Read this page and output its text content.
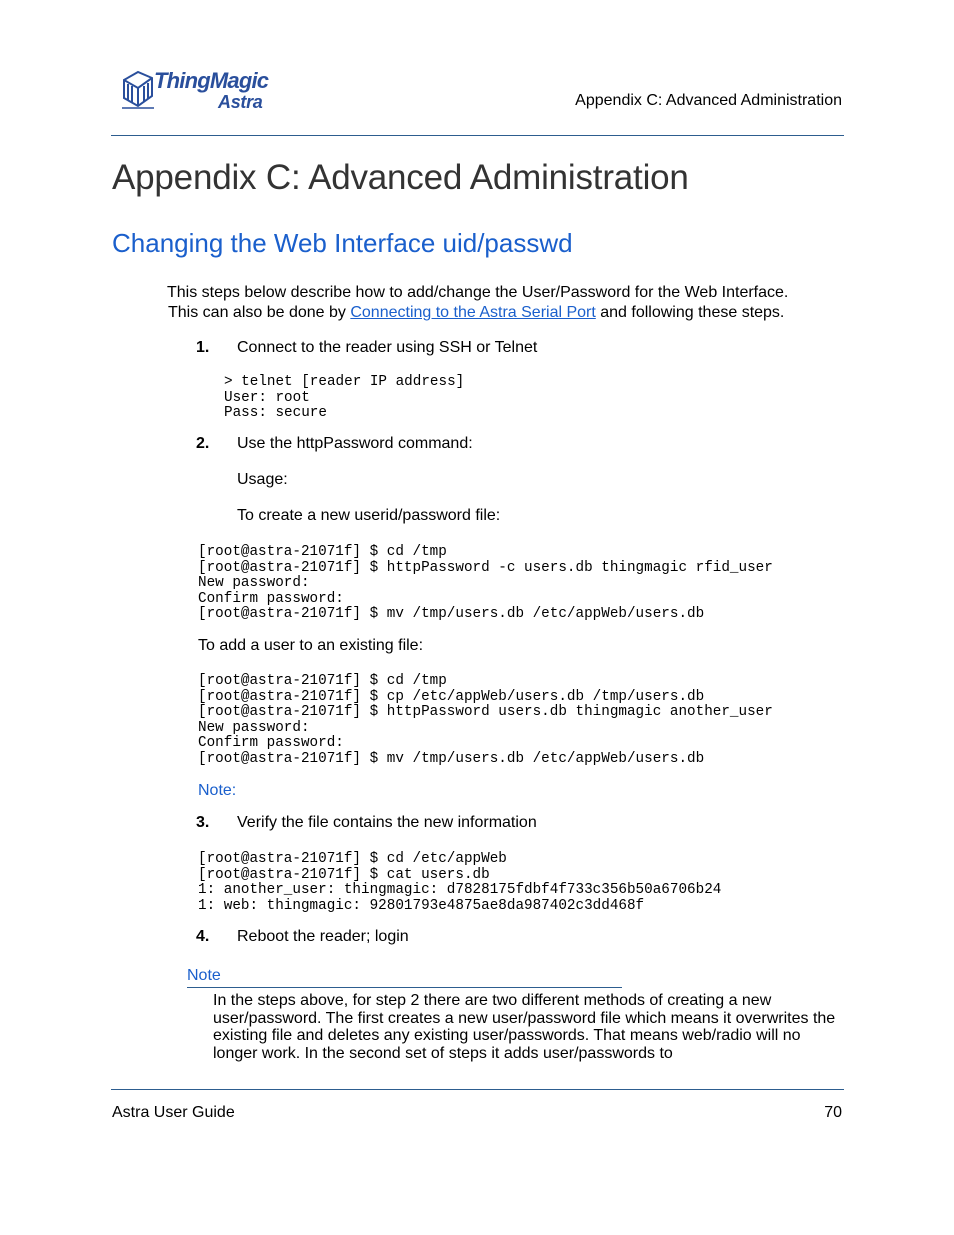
ThingMagic
Astra	Appendix C: Advanced Administration
Appendix C: Advanced Administration
Changing the Web Interface uid/passwd
This steps below describe how to add/change the User/Password for the Web Interface.
This can also be done by Connecting to the Astra Serial Port and following these steps.
1. Connect to the reader using SSH or Telnet
> telnet [reader IP address]
User: root
Pass: secure
2. Use the httpPassword command:
Usage:
To create a new userid/password file:
[root@astra-21071f] $ cd /tmp
[root@astra-21071f] $ httpPassword -c users.db thingmagic rfid_user
New password:
Confirm password:
[root@astra-21071f] $ mv /tmp/users.db /etc/appWeb/users.db
To add a user to an existing file:
[root@astra-21071f] $ cd /tmp
[root@astra-21071f] $ cp /etc/appWeb/users.db /tmp/users.db
[root@astra-21071f] $ httpPassword users.db thingmagic another_user
New password:
Confirm password:
[root@astra-21071f] $ mv /tmp/users.db /etc/appWeb/users.db
Note:
3. Verify the file contains the new information
[root@astra-21071f] $ cd /etc/appWeb
[root@astra-21071f] $ cat users.db
1: another_user: thingmagic: d7828175fdbf4f733c356b50a6706b24
1: web: thingmagic: 92801793e4875ae8da987402c3dd468f
4. Reboot the reader; login
Note
In the steps above, for step 2 there are two different methods of creating a new user/password. The first creates a new user/password file which means it overwrites the existing file and deletes any existing user/passwords. That means web/radio will no longer work. In the second set of steps it adds user/passwords to
Astra User Guide	70
